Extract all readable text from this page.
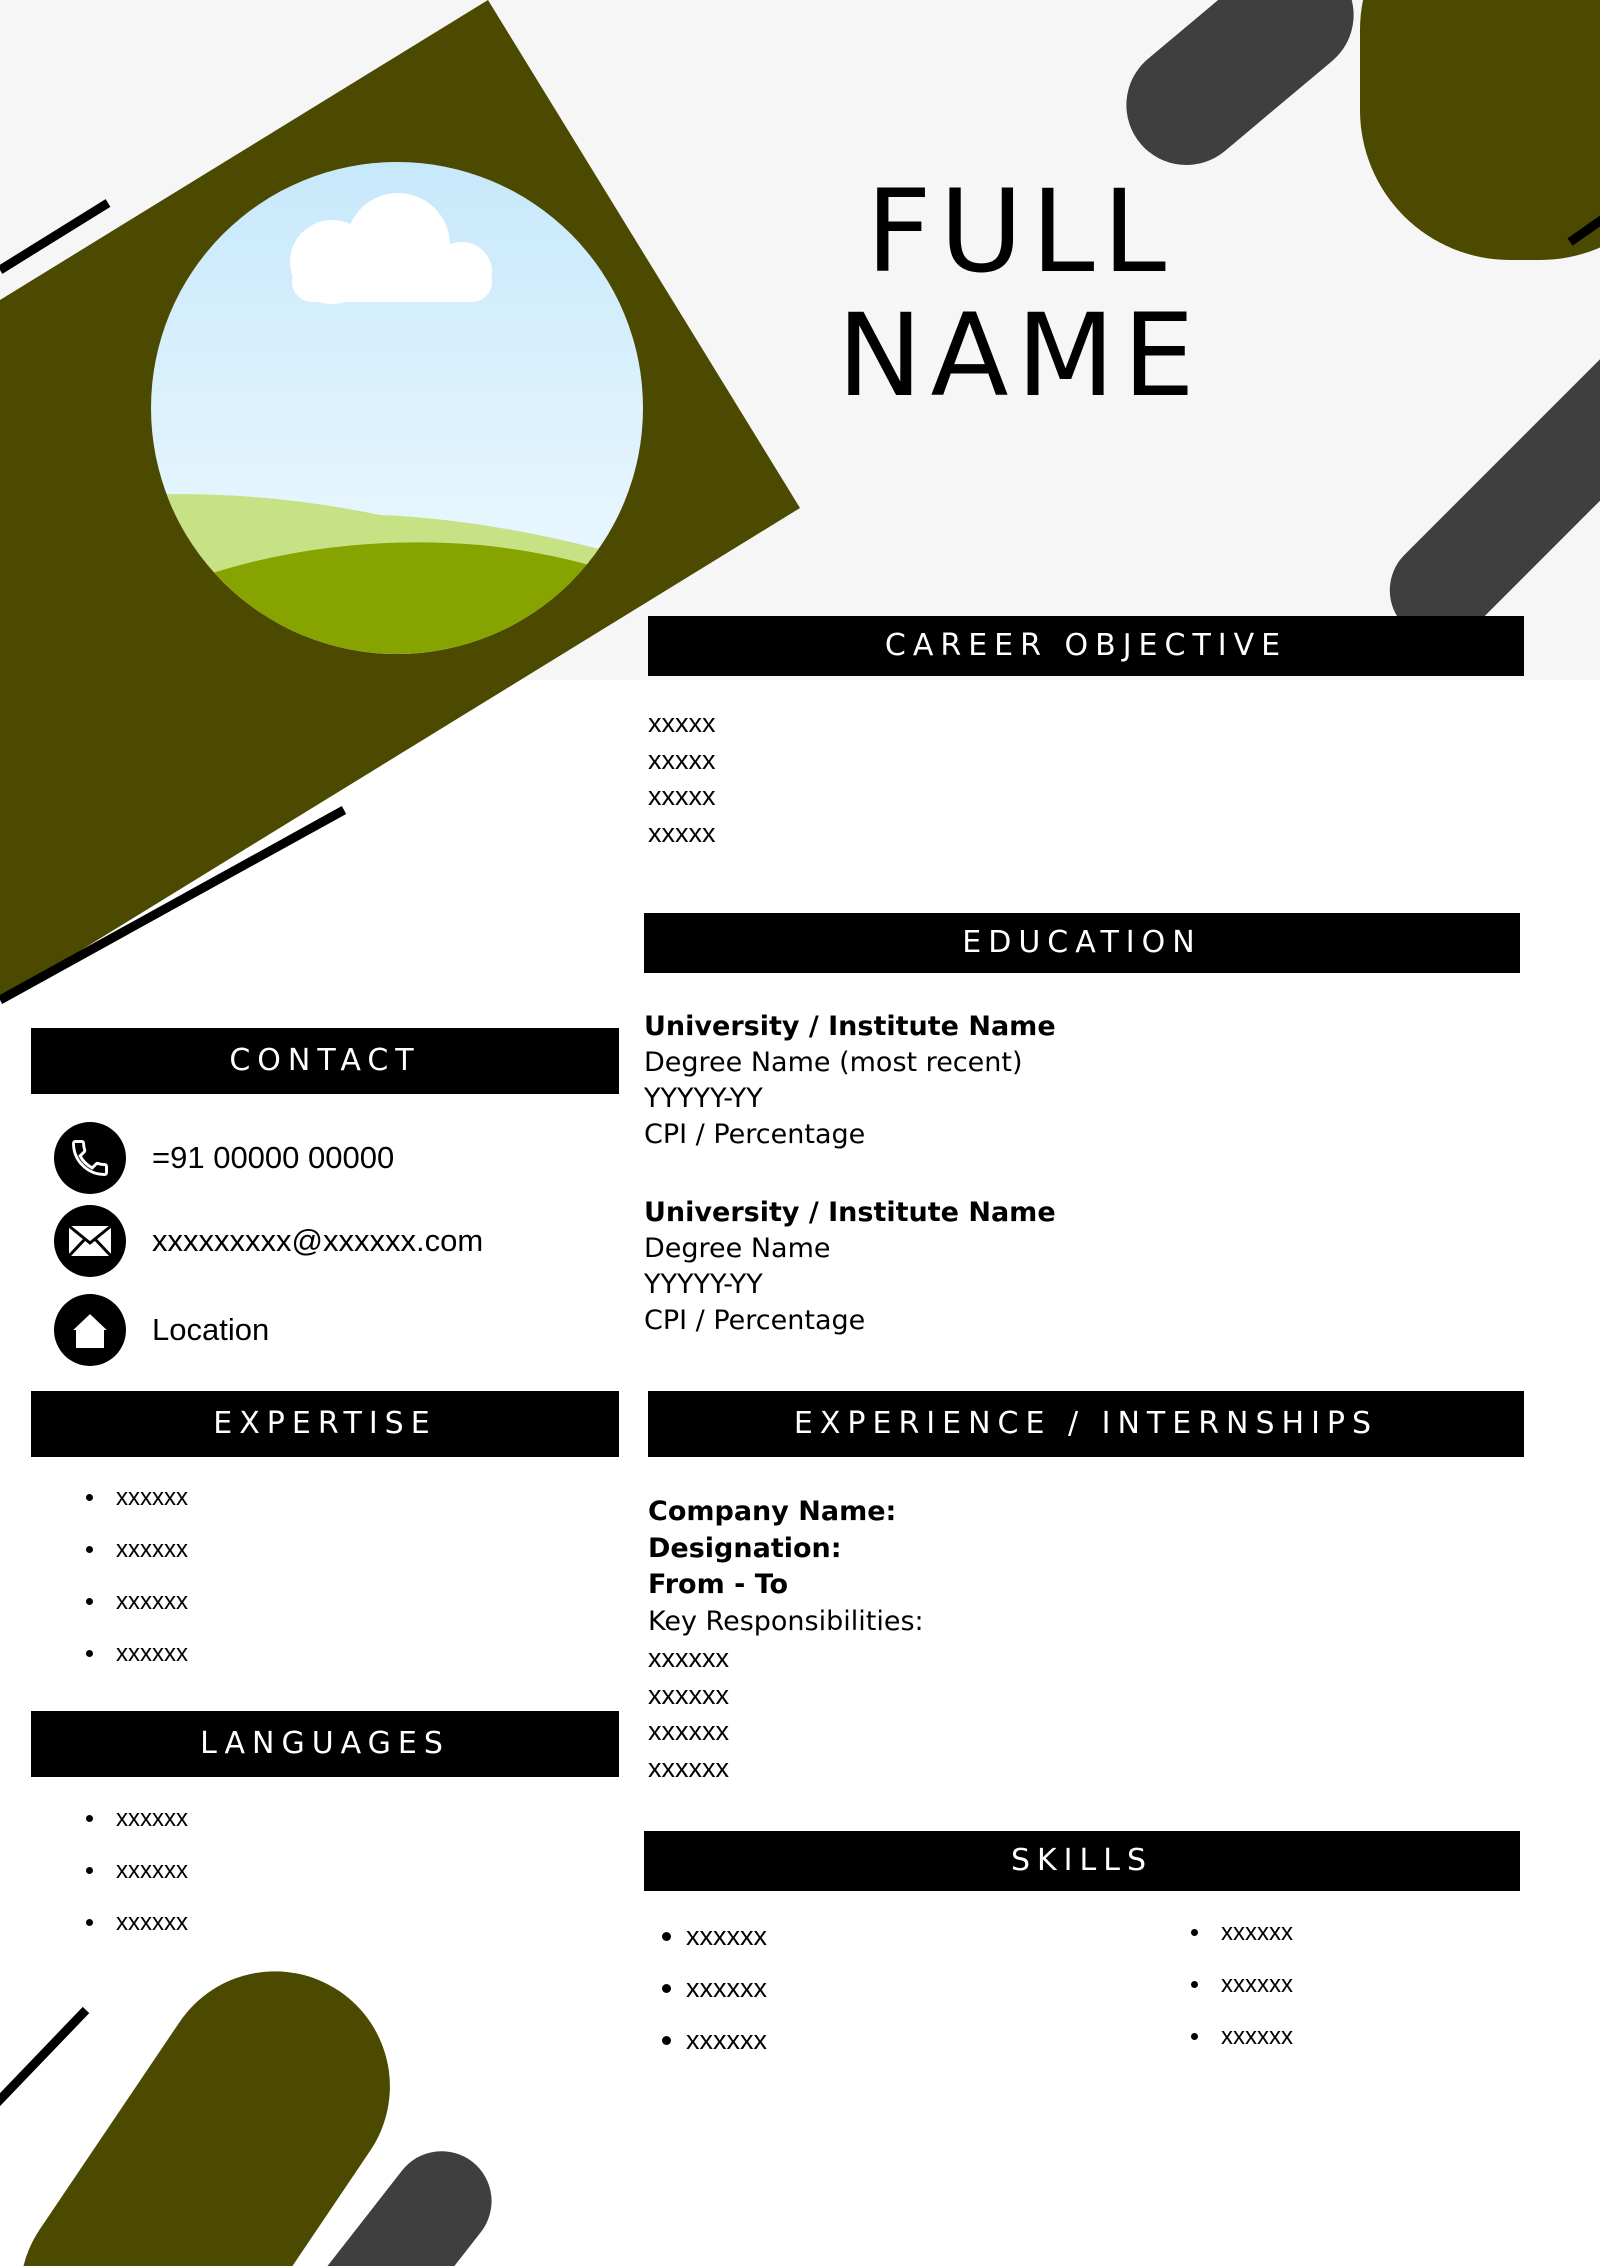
FULL
NAME
CAREER OBJECTIVE
xxxxx
xxxxx
xxxxx
xxxxx
EDUCATION
University / Institute Name
Degree Name (most recent)
YYYYY-YY
CPI / Percentage
University / Institute Name
Degree Name
YYYYY-YY
CPI / Percentage
CONTACT
=91 00000 00000
xxxxxxxxx@xxxxxx.com
Location
EXPERTISE
xxxxxx
xxxxxx
xxxxxx
xxxxxx
LANGUAGES
xxxxxx
xxxxxx
xxxxxx
EXPERIENCE / INTERNSHIPS
Company Name:
Designation:
From - To
Key Responsibilities:
xxxxxx
xxxxxx
xxxxxx
xxxxxx
SKILLS
xxxxxx
xxxxxx
xxxxxx
xxxxxx
xxxxxx
xxxxxx
